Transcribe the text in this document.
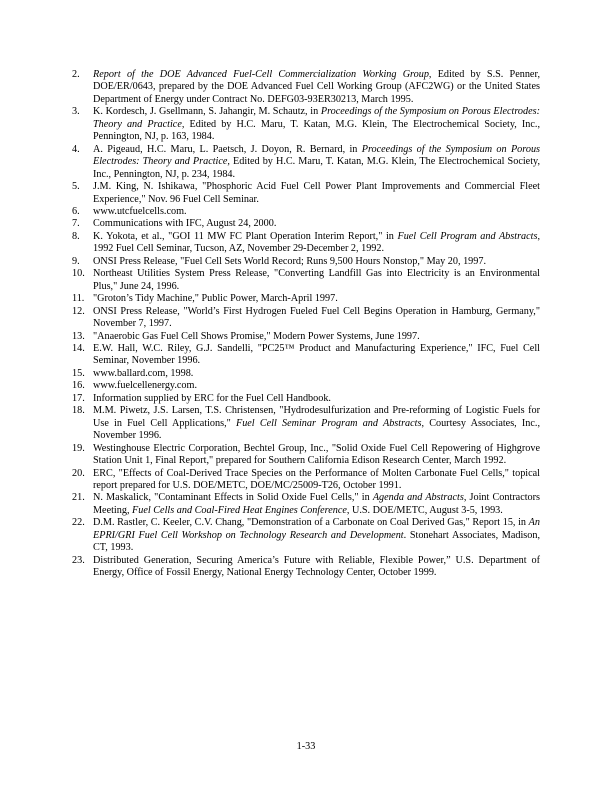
2. Report of the DOE Advanced Fuel-Cell Commercialization Working Group, Edited by S.S. Penner, DOE/ER/0643, prepared by the DOE Advanced Fuel Cell Working Group (AFC2WG) or the United States Department of Energy under Contract No. DEFG03-93ER30213, March 1995.
3. K. Kordesch, J. Gsellmann, S. Jahangir, M. Schautz, in Proceedings of the Symposium on Porous Electrodes: Theory and Practice, Edited by H.C. Maru, T. Katan, M.G. Klein, The Electrochemical Society, Inc., Pennington, NJ, p. 163, 1984.
4. A. Pigeaud, H.C. Maru, L. Paetsch, J. Doyon, R. Bernard, in Proceedings of the Symposium on Porous Electrodes: Theory and Practice, Edited by H.C. Maru, T. Katan, M.G. Klein, The Electrochemical Society, Inc., Pennington, NJ, p. 234, 1984.
5. J.M. King, N. Ishikawa, "Phosphoric Acid Fuel Cell Power Plant Improvements and Commercial Fleet Experience," Nov. 96 Fuel Cell Seminar.
6. www.utcfuelcells.com.
7. Communications with IFC, August 24, 2000.
8. K. Yokota, et al., "GOI 11 MW FC Plant Operation Interim Report," in Fuel Cell Program and Abstracts, 1992 Fuel Cell Seminar, Tucson, AZ, November 29-December 2, 1992.
9. ONSI Press Release, "Fuel Cell Sets World Record; Runs 9,500 Hours Nonstop," May 20, 1997.
10. Northeast Utilities System Press Release, "Converting Landfill Gas into Electricity is an Environmental Plus," June 24, 1996.
11. "Groton’s Tidy Machine," Public Power, March-April 1997.
12. ONSI Press Release, "World’s First Hydrogen Fueled Fuel Cell Begins Operation in Hamburg, Germany," November 7, 1997.
13. "Anaerobic Gas Fuel Cell Shows Promise," Modern Power Systems, June 1997.
14. E.W. Hall, W.C. Riley, G.J. Sandelli, "PC25™ Product and Manufacturing Experience," IFC, Fuel Cell Seminar, November 1996.
15. www.ballard.com, 1998.
16. www.fuelcellenergy.com.
17. Information supplied by ERC for the Fuel Cell Handbook.
18. M.M. Piwetz, J.S. Larsen, T.S. Christensen, "Hydrodesulfurization and Pre-reforming of Logistic Fuels for Use in Fuel Cell Applications," Fuel Cell Seminar Program and Abstracts, Courtesy Associates, Inc., November 1996.
19. Westinghouse Electric Corporation, Bechtel Group, Inc., "Solid Oxide Fuel Cell Repowering of Highgrove Station Unit 1, Final Report," prepared for Southern California Edison Research Center, March 1992.
20. ERC, "Effects of Coal-Derived Trace Species on the Performance of Molten Carbonate Fuel Cells," topical report prepared for U.S. DOE/METC, DOE/MC/25009-T26, October 1991.
21. N. Maskalick, "Contaminant Effects in Solid Oxide Fuel Cells," in Agenda and Abstracts, Joint Contractors Meeting, Fuel Cells and Coal-Fired Heat Engines Conference, U.S. DOE/METC, August 3-5, 1993.
22. D.M. Rastler, C. Keeler, C.V. Chang, "Demonstration of a Carbonate on Coal Derived Gas," Report 15, in An EPRI/GRI Fuel Cell Workshop on Technology Research and Development. Stonehart Associates, Madison, CT, 1993.
23. Distributed Generation, Securing America’s Future with Reliable, Flexible Power,” U.S. Department of Energy, Office of Fossil Energy, National Energy Technology Center, October 1999.
1-33
